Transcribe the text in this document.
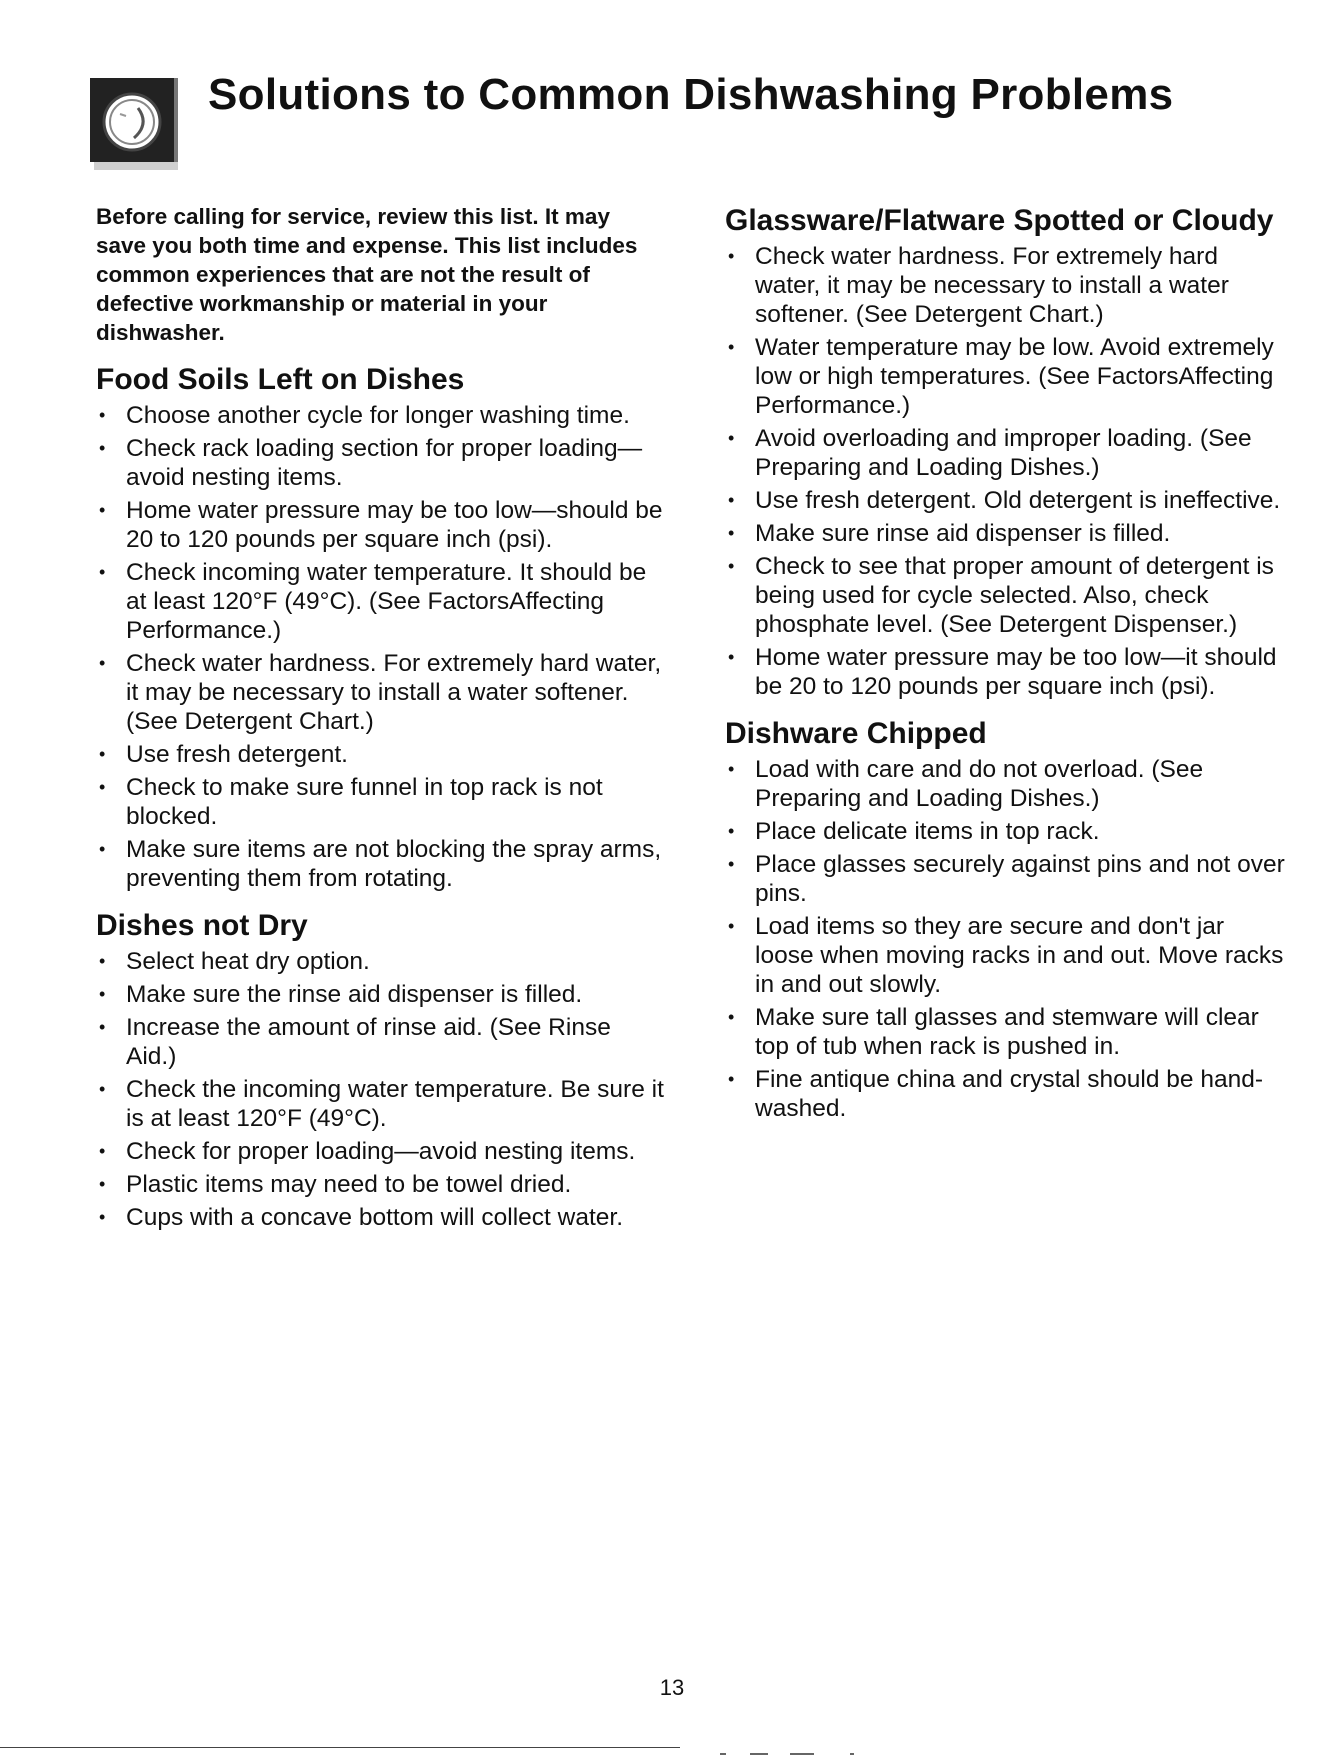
Solutions to Common Dishwashing Problems

Before calling for service, review this list. It may save you both time and expense. This list includes common experiences that are not the result of defective workmanship or material in your dishwasher.

Food Soils Left on Dishes
• Choose another cycle for longer washing time.
• Check rack loading section for proper loading—avoid nesting items.
• Home water pressure may be too low—should be 20 to 120 pounds per square inch (psi).
• Check incoming water temperature. It should be at least 120°F (49°C). (See FactorsAffecting Performance.)
• Check water hardness. For extremely hard water, it may be necessary to install a water softener. (See Detergent Chart.)
• Use fresh detergent.
• Check to make sure funnel in top rack is not blocked.
• Make sure items are not blocking the spray arms, preventing them from rotating.
Dishes not Dry
• Select heat dry option.
• Make sure the rinse aid dispenser is filled.
• Increase the amount of rinse aid. (See Rinse Aid.)
• Check the incoming water temperature. Be sure it is at least 120°F (49°C).
• Check for proper loading—avoid nesting items.
• Plastic items may need to be towel dried.
• Cups with a concave bottom will collect water.
Glassware/Flatware Spotted or Cloudy
• Check water hardness. For extremely hard water, it may be necessary to install a water softener. (See Detergent Chart.)
• Water temperature may be low. Avoid extremely low or high temperatures. (See FactorsAffecting Performance.)
• Avoid overloading and improper loading. (See Preparing and Loading Dishes.)
• Use fresh detergent. Old detergent is ineffective.
• Make sure rinse aid dispenser is filled.
• Check to see that proper amount of detergent is being used for cycle selected. Also, check phosphate level. (See Detergent Dispenser.)
• Home water pressure may be too low—it should be 20 to 120 pounds per square inch (psi).
Dishware Chipped
• Load with care and do not overload. (See Preparing and Loading Dishes.)
• Place delicate items in top rack.
• Place glasses securely against pins and not over pins.
• Load items so they are secure and don't jar loose when moving racks in and out. Move racks in and out slowly.
• Make sure tall glasses and stemware will clear top of tub when rack is pushed in.
• Fine antique china and crystal should be hand-washed.
13
